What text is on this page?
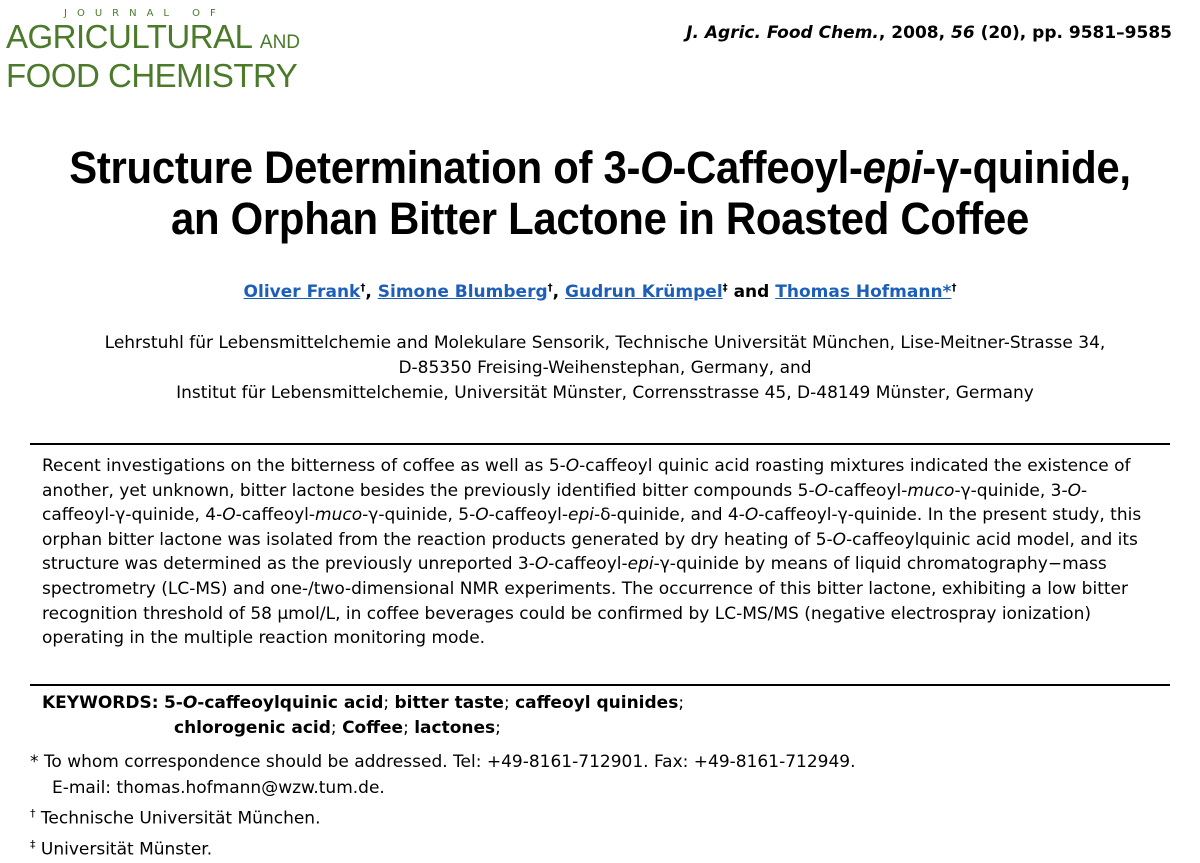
JOURNAL OF
AGRICULTURAL AND
FOOD CHEMISTRY
J. Agric. Food Chem., 2008, 56 (20), pp. 9581–9585
Structure Determination of 3-O-Caffeoyl-epi-γ-quinide,
an Orphan Bitter Lactone in Roasted Coffee
Oliver Frank†, Simone Blumberg†, Gudrun Krümpel‡ and Thomas Hofmann*†
Lehrstuhl für Lebensmittelchemie and Molekulare Sensorik, Technische Universität München, Lise-Meitner-Strasse 34,
D-85350 Freising-Weihenstephan, Germany, and
Institut für Lebensmittelchemie, Universität Münster, Corrensstrasse 45, D-48149 Münster, Germany
Recent investigations on the bitterness of coffee as well as 5-O-caffeoyl quinic acid roasting mixtures indicated the existence of another, yet unknown, bitter lactone besides the previously identified bitter compounds 5-O-caffeoyl-muco-γ-quinide, 3-O-caffeoyl-γ-quinide, 4-O-caffeoyl-muco-γ-quinide, 5-O-caffeoyl-epi-δ-quinide, and 4-O-caffeoyl-γ-quinide. In the present study, this orphan bitter lactone was isolated from the reaction products generated by dry heating of 5-O-caffeoylquinic acid model, and its structure was determined as the previously unreported 3-O-caffeoyl-epi-γ-quinide by means of liquid chromatography−mass spectrometry (LC-MS) and one-/two-dimensional NMR experiments. The occurrence of this bitter lactone, exhibiting a low bitter recognition threshold of 58 μmol/L, in coffee beverages could be confirmed by LC-MS/MS (negative electrospray ionization) operating in the multiple reaction monitoring mode.
KEYWORDS: 5-O-caffeoylquinic acid; bitter taste; caffeoyl quinides;
chlorogenic acid; Coffee; lactones;
* To whom correspondence should be addressed. Tel: +49-8161-712901. Fax: +49-8161-712949.
E-mail: thomas.hofmann@wzw.tum.de.
† Technische Universität München.
‡ Universität Münster.
